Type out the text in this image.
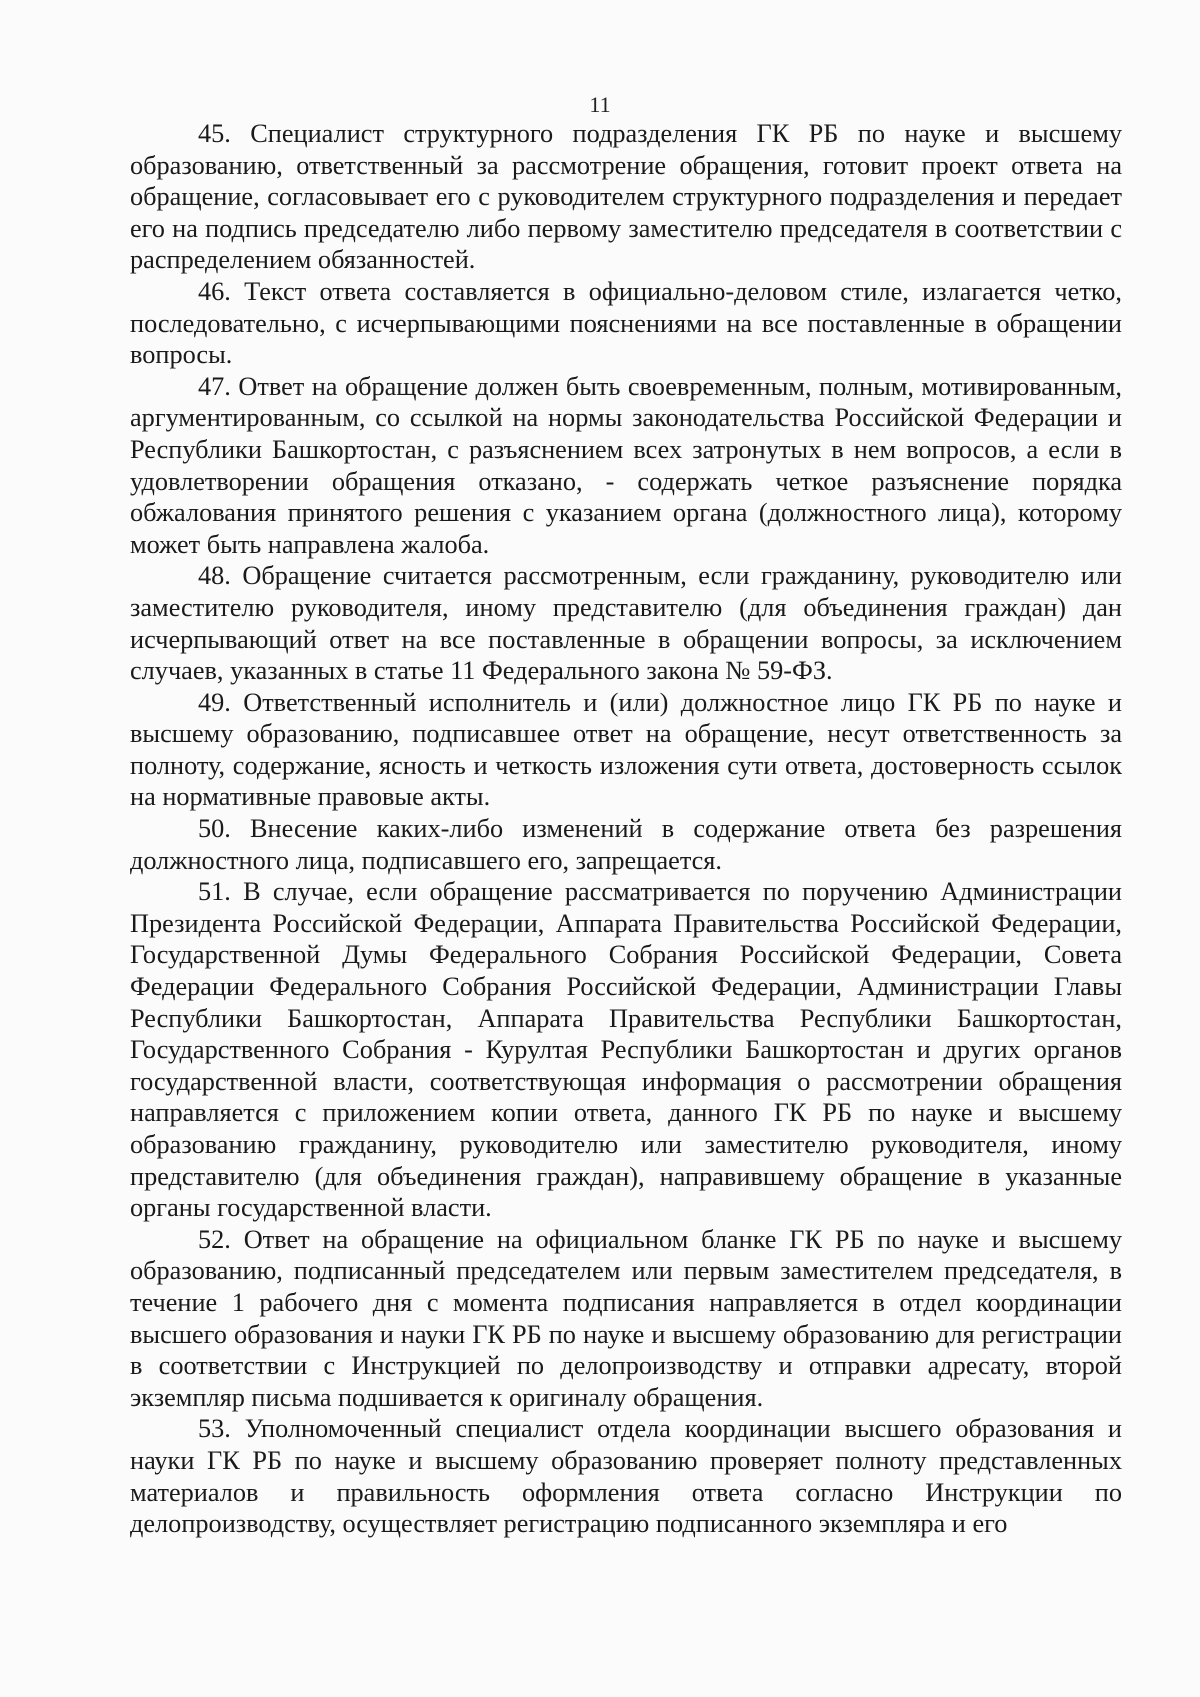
11

45. Специалист структурного подразделения ГК РБ по науке и высшему образованию, ответственный за рассмотрение обращения, готовит проект ответа на обращение, согласовывает его с руководителем структурного подразделения и передает его на подпись председателю либо первому заместителю председателя в соответствии с распределением обязанностей.

46. Текст ответа составляется в официально-деловом стиле, излагается четко, последовательно, с исчерпывающими пояснениями на все поставленные в обращении вопросы.

47. Ответ на обращение должен быть своевременным, полным, мотивированным, аргументированным, со ссылкой на нормы законодательства Российской Федерации и Республики Башкортостан, с разъяснением всех затронутых в нем вопросов, а если в удовлетворении обращения отказано, - содержать четкое разъяснение порядка обжалования принятого решения с указанием органа (должностного лица), которому может быть направлена жалоба.

48. Обращение считается рассмотренным, если гражданину, руководителю или заместителю руководителя, иному представителю (для объединения граждан) дан исчерпывающий ответ на все поставленные в обращении вопросы, за исключением случаев, указанных в статье 11 Федерального закона № 59-ФЗ.

49. Ответственный исполнитель и (или) должностное лицо ГК РБ по науке и высшему образованию, подписавшее ответ на обращение, несут ответственность за полноту, содержание, ясность и четкость изложения сути ответа, достоверность ссылок на нормативные правовые акты.

50. Внесение каких-либо изменений в содержание ответа без разрешения должностного лица, подписавшего его, запрещается.

51. В случае, если обращение рассматривается по поручению Администрации Президента Российской Федерации, Аппарата Правительства Российской Федерации, Государственной Думы Федерального Собрания Российской Федерации, Совета Федерации Федерального Собрания Российской Федерации, Администрации Главы Республики Башкортостан, Аппарата Правительства Республики Башкортостан, Государственного Собрания - Курултая Республики Башкортостан и других органов государственной власти, соответствующая информация о рассмотрении обращения направляется с приложением копии ответа, данного ГК РБ по науке и высшему образованию гражданину, руководителю или заместителю руководителя, иному представителю (для объединения граждан), направившему обращение в указанные органы государственной власти.

52. Ответ на обращение на официальном бланке ГК РБ по науке и высшему образованию, подписанный председателем или первым заместителем председателя, в течение 1 рабочего дня с момента подписания направляется в отдел координации высшего образования и науки ГК РБ по науке и высшему образованию для регистрации в соответствии с Инструкцией по делопроизводству и отправки адресату, второй экземпляр письма подшивается к оригиналу обращения.

53. Уполномоченный специалист отдела координации высшего образования и науки ГК РБ по науке и высшему образованию проверяет полноту представленных материалов и правильность оформления ответа согласно Инструкции по делопроизводству, осуществляет регистрацию подписанного экземпляра и его
